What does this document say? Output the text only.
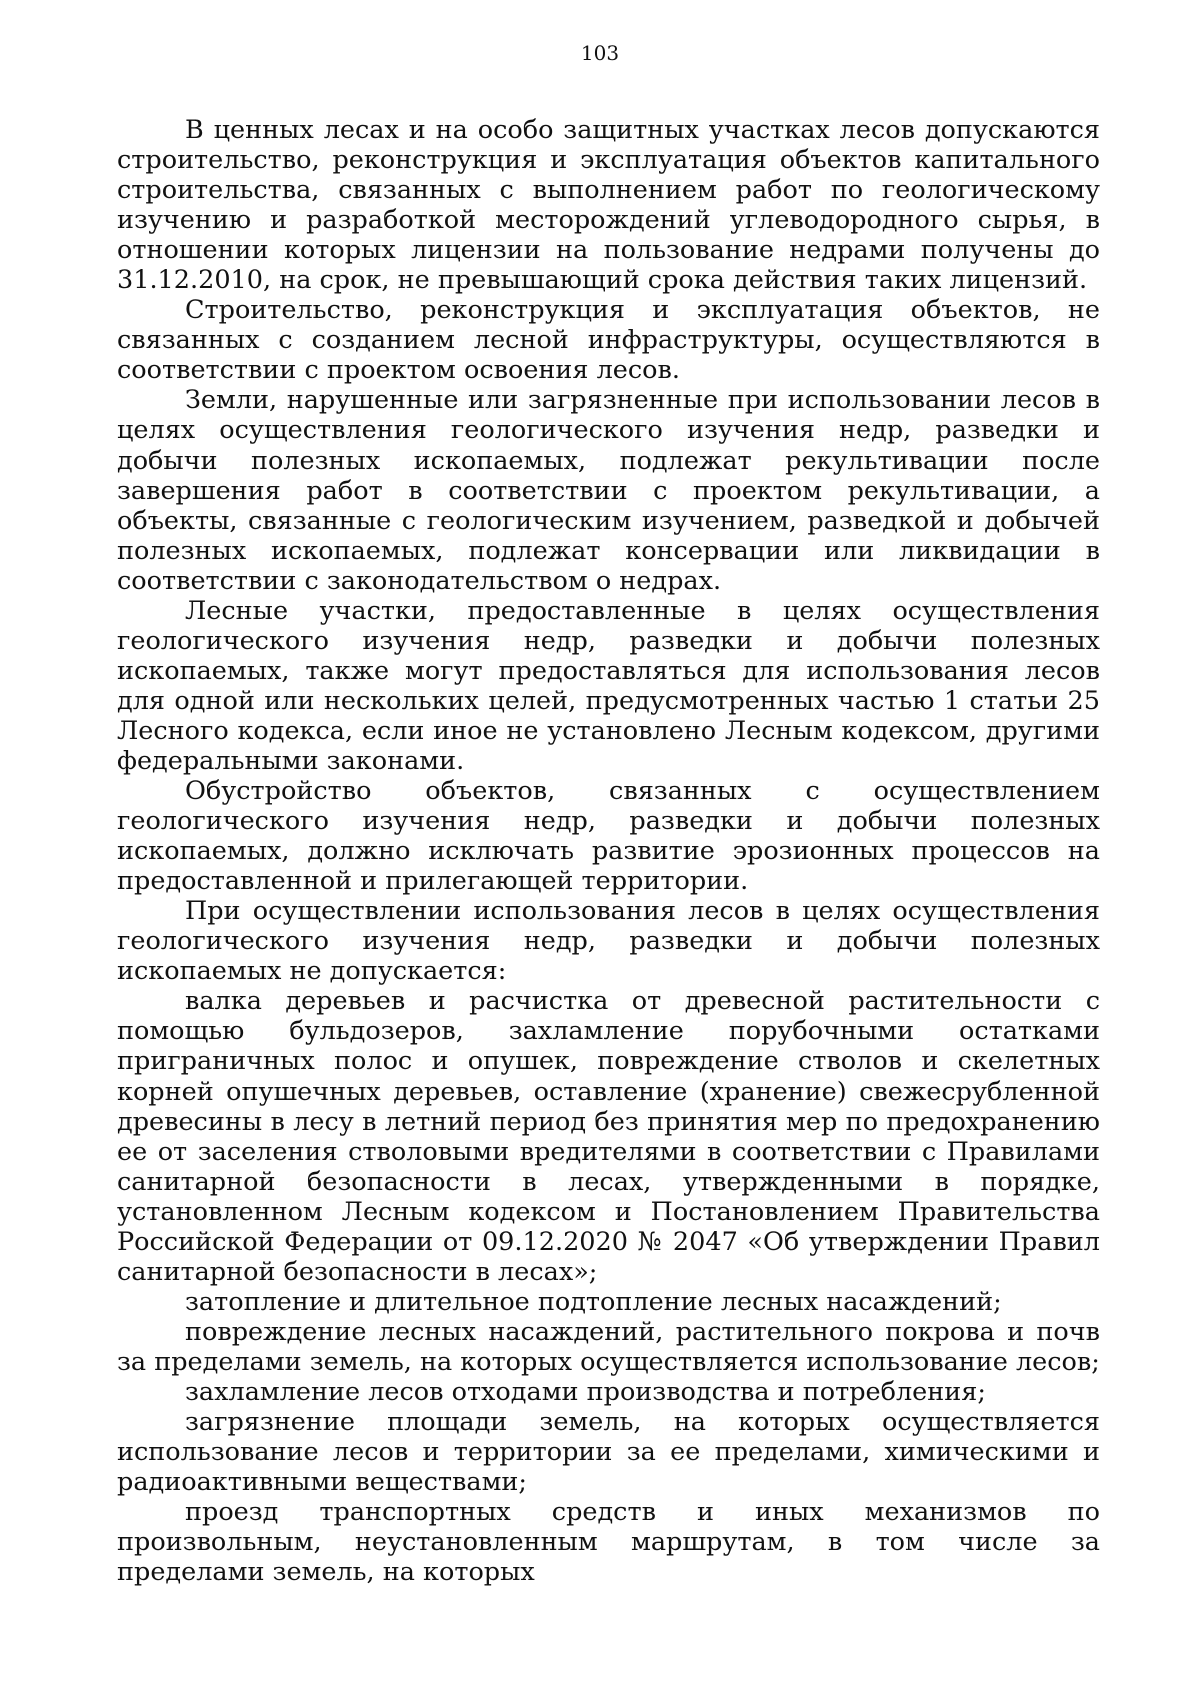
103

В ценных лесах и на особо защитных участках лесов допускаются строительство, реконструкция и эксплуатация объектов капитального строительства, связанных с выполнением работ по геологическому изучению и разработкой месторождений углеводородного сырья, в отношении которых лицензии на пользование недрами получены до 31.12.2010, на срок, не превышающий срока действия таких лицензий.

Строительство, реконструкция и эксплуатация объектов, не связанных с созданием лесной инфраструктуры, осуществляются в соответствии с проектом освоения лесов.

Земли, нарушенные или загрязненные при использовании лесов в целях осуществления геологического изучения недр, разведки и добычи полезных ископаемых, подлежат рекультивации после завершения работ в соответствии с проектом рекультивации, а объекты, связанные с геологическим изучением, разведкой и добычей полезных ископаемых, подлежат консервации или ликвидации в соответствии с законодательством о недрах.

Лесные участки, предоставленные в целях осуществления геологического изучения недр, разведки и добычи полезных ископаемых, также могут предоставляться для использования лесов для одной или нескольких целей, предусмотренных частью 1 статьи 25 Лесного кодекса, если иное не установлено Лесным кодексом, другими федеральными законами.

Обустройство объектов, связанных с осуществлением геологического изучения недр, разведки и добычи полезных ископаемых, должно исключать развитие эрозионных процессов на предоставленной и прилегающей территории.

При осуществлении использования лесов в целях осуществления геологического изучения недр, разведки и добычи полезных ископаемых не допускается:

валка деревьев и расчистка от древесной растительности с помощью бульдозеров, захламление порубочными остатками приграничных полос и опушек, повреждение стволов и скелетных корней опушечных деревьев, оставление (хранение) свежесрубленной древесины в лесу в летний период без принятия мер по предохранению ее от заселения стволовыми вредителями в соответствии с Правилами санитарной безопасности в лесах, утвержденными в порядке, установленном Лесным кодексом и Постановлением Правительства Российской Федерации от 09.12.2020 № 2047 «Об утверждении Правил санитарной безопасности в лесах»;

затопление и длительное подтопление лесных насаждений;

повреждение лесных насаждений, растительного покрова и почв за пределами земель, на которых осуществляется использование лесов;

захламление лесов отходами производства и потребления;

загрязнение площади земель, на которых осуществляется использование лесов и территории за ее пределами, химическими и радиоактивными веществами;

проезд транспортных средств и иных механизмов по произвольным, неустановленным маршрутам, в том числе за пределами земель, на которых
